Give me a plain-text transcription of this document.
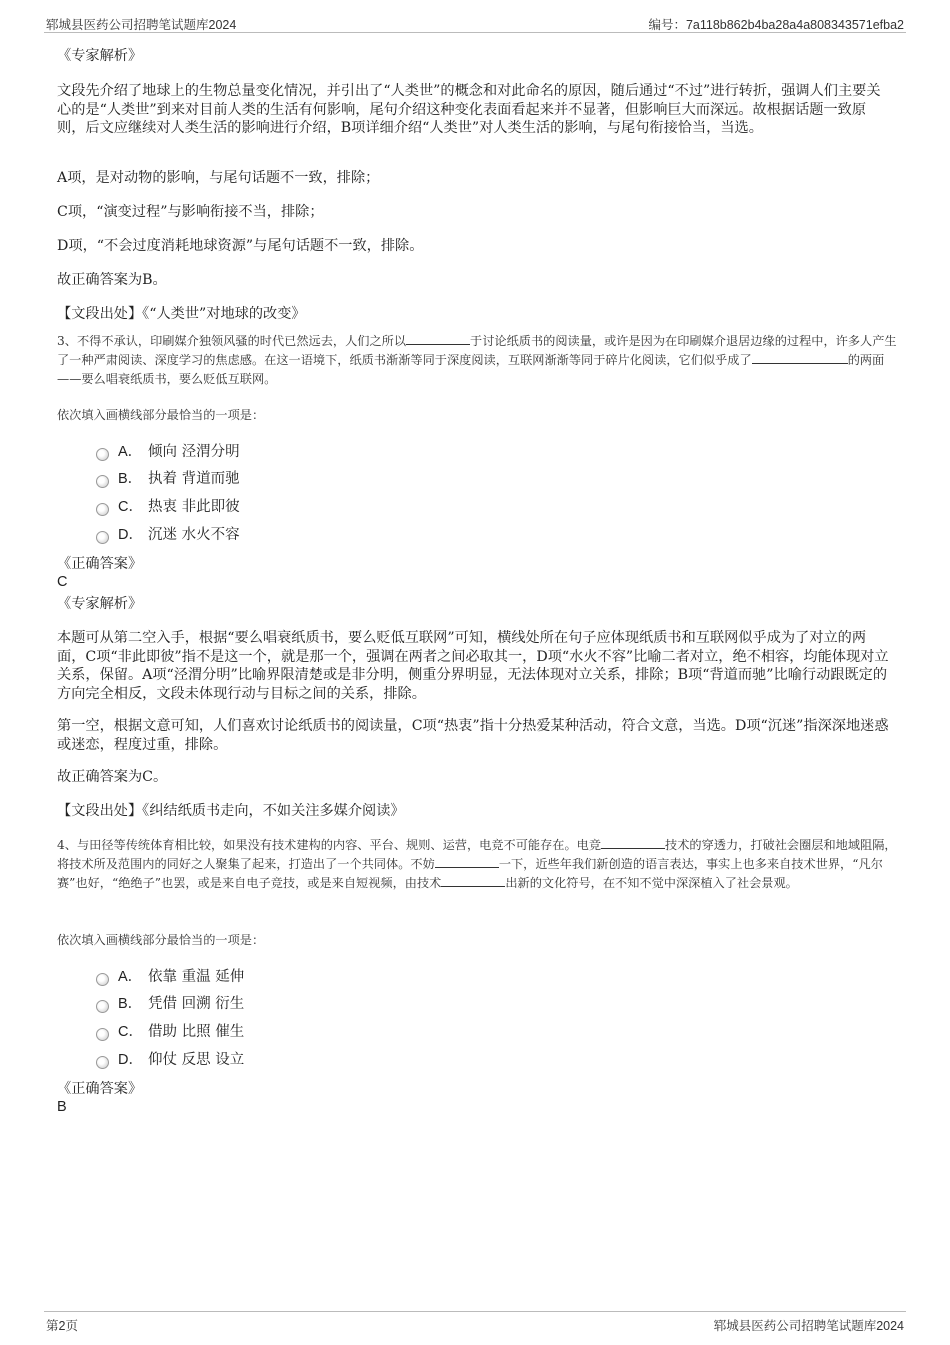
郓城县医药公司招聘笔试题库2024	编号：7a118b862b4ba28a4a808343571efba2

《专家解析》

文段先介绍了地球上的生物总量变化情况，并引出了“人类世”的概念和对此命名的原因，随后通过“不过”进行转折，强调人们主要关心的是“人类世”到来对目前人类的生活有何影响，尾句介绍这种变化表面看起来并不显著，但影响巨大而深远。故根据话题一致原则，后文应继续对人类生活的影响进行介绍，B项详细介绍“人类世”对人类生活的影响，与尾句衔接恰当，当选。

A项，是对动物的影响，与尾句话题不一致，排除；

C项，“演变过程”与影响衔接不当，排除；

D项，“不会过度消耗地球资源”与尾句话题不一致，排除。

故正确答案为B。

【文段出处】《“人类世”对地球的改变》

3、不得不承认，印刷媒介独领风骚的时代已然远去，人们之所以	于讨论纸质书的阅读量，或许是因为在印刷媒介退居边缘的过程中，许多人产生了一种严肃阅读、深度学习的焦虑感。在这一语境下，纸质书渐渐等同于深度阅读，互联网渐渐等同于碎片化阅读，它们似乎成了	的两面——要么唱衰纸质书，要么贬低互联网。

依次填入画横线部分最恰当的一项是：

A． 倾向 泾渭分明
B． 执着 背道而驰
C． 热衷 非此即彼
D． 沉迷 水火不容

《正确答案》

C

《专家解析》

本题可从第二空入手，根据“要么唱衰纸质书，要么贬低互联网”可知，横线处所在句子应体现纸质书和互联网似乎成为了对立的两面，C项“非此即彼”指不是这一个，就是那一个，强调在两者之间必取其一，D项“水火不容”比喻二者对立，绝不相容，均能体现对立关系，保留。A项“泾渭分明”比喻界限清楚或是非分明，侧重分界明显，无法体现对立关系，排除；B项“背道而驰”比喻行动跟既定的方向完全相反，文段未体现行动与目标之间的关系，排除。

第一空，根据文意可知，人们喜欢讨论纸质书的阅读量，C项“热衷”指十分热爱某种活动，符合文意，当选。D项“沉迷”指深深地迷惑或迷恋，程度过重，排除。

故正确答案为C。

【文段出处】《纠结纸质书走向，不如关注多媒介阅读》

4、与田径等传统体育相比较，如果没有技术建构的内容、平台、规则、运营，电竞不可能存在。电竞	技术的穿透力，打破社会圈层和地域阻隔，将技术所及范围内的同好之人聚集了起来，打造出了一个共同体。不妨	一下，近些年我们新创造的语言表达，事实上也多来自技术世界，“凡尔赛”也好，“绝绝子”也罢，或是来自电子竞技，或是来自短视频，由技术	出新的文化符号，在不知不觉中深深植入了社会景观。

依次填入画横线部分最恰当的一项是：

A． 依靠 重温 延伸
B． 凭借 回溯 衍生
C． 借助 比照 催生
D． 仰仗 反思 设立

《正确答案》

B
第2页	郓城县医药公司招聘笔试题库2024
